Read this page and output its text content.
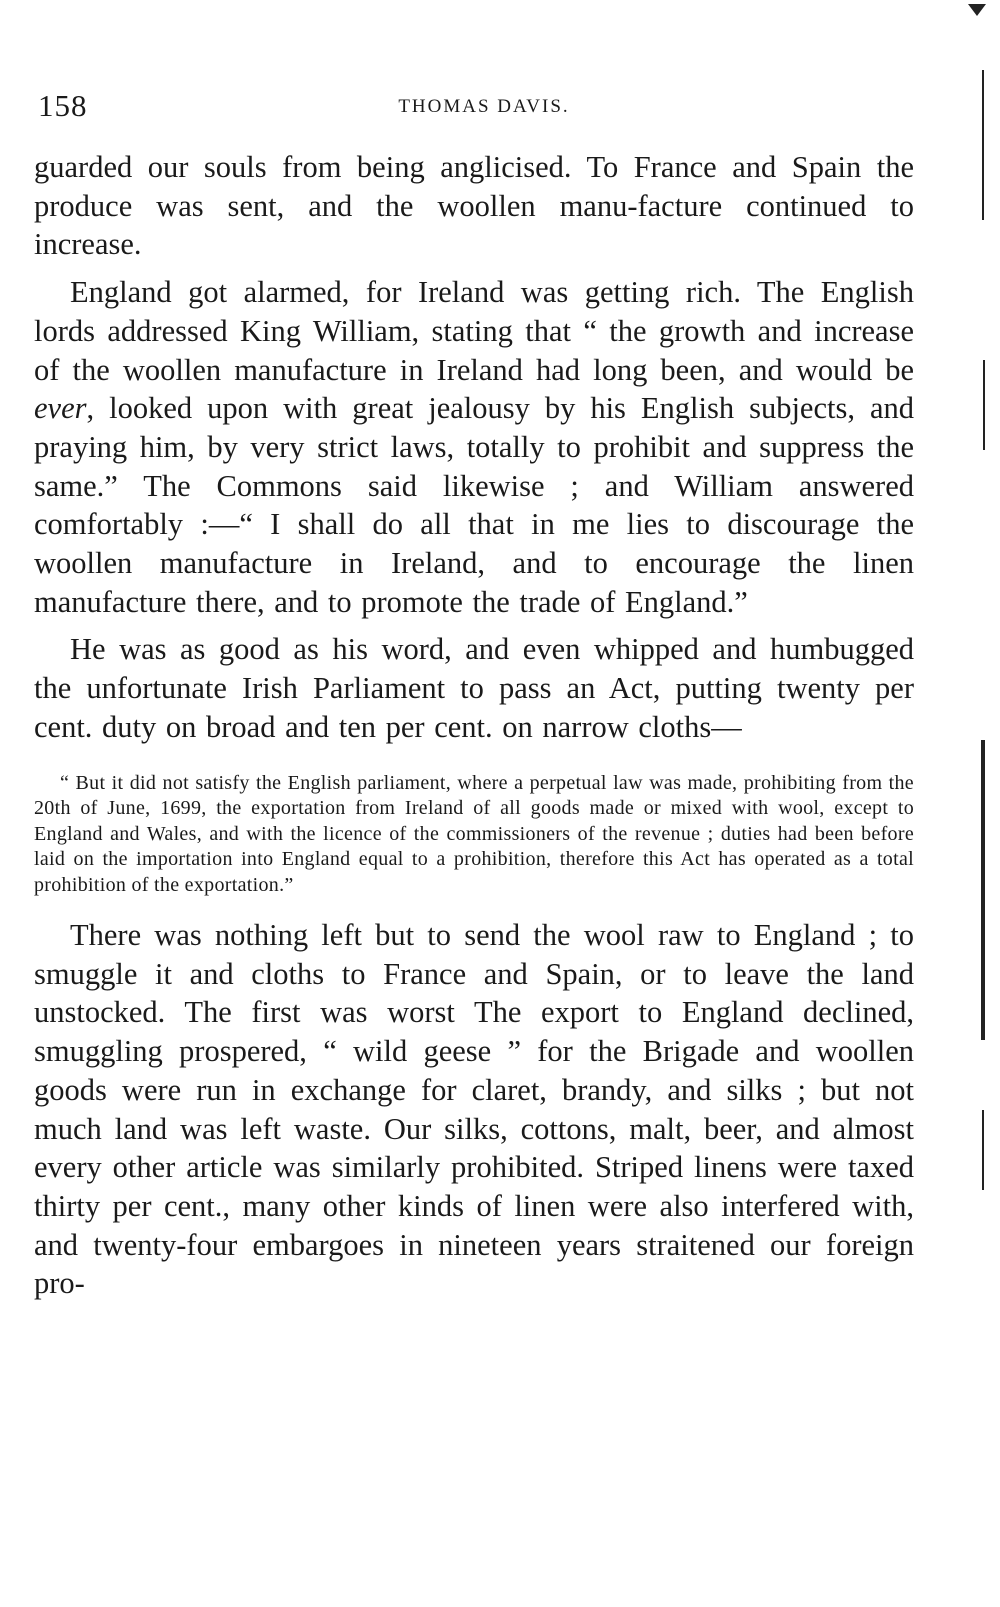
158	THOMAS DAVIS.

guarded our souls from being anglicised. To France and Spain the produce was sent, and the woollen manu-facture continued to increase.

England got alarmed, for Ireland was getting rich. The English lords addressed King William, stating that “ the growth and increase of the woollen manufacture in Ireland had long been, and would be ever, looked upon with great jealousy by his English subjects, and praying him, by very strict laws, totally to prohibit and suppress the same.” The Commons said likewise ; and William answered comfortably :—“ I shall do all that in me lies to discourage the woollen manufacture in Ireland, and to encourage the linen manufacture there, and to promote the trade of England.”

He was as good as his word, and even whipped and humbugged the unfortunate Irish Parliament to pass an Act, putting twenty per cent. duty on broad and ten per cent. on narrow cloths—

“ But it did not satisfy the English parliament, where a perpetual law was made, prohibiting from the 20th of June, 1699, the exportation from Ireland of all goods made or mixed with wool, except to England and Wales, and with the licence of the commissioners of the revenue ; duties had been before laid on the importation into England equal to a prohibition, therefore this Act has operated as a total prohibition of the exportation.”

There was nothing left but to send the wool raw to England ; to smuggle it and cloths to France and Spain, or to leave the land unstocked. The first was worst The export to England declined, smuggling prospered, “ wild geese ” for the Brigade and woollen goods were run in exchange for claret, brandy, and silks ; but not much land was left waste. Our silks, cottons, malt, beer, and almost every other article was similarly prohibited. Striped linens were taxed thirty per cent., many other kinds of linen were also interfered with, and twenty-four embargoes in nineteen years straitened our foreign pro-
